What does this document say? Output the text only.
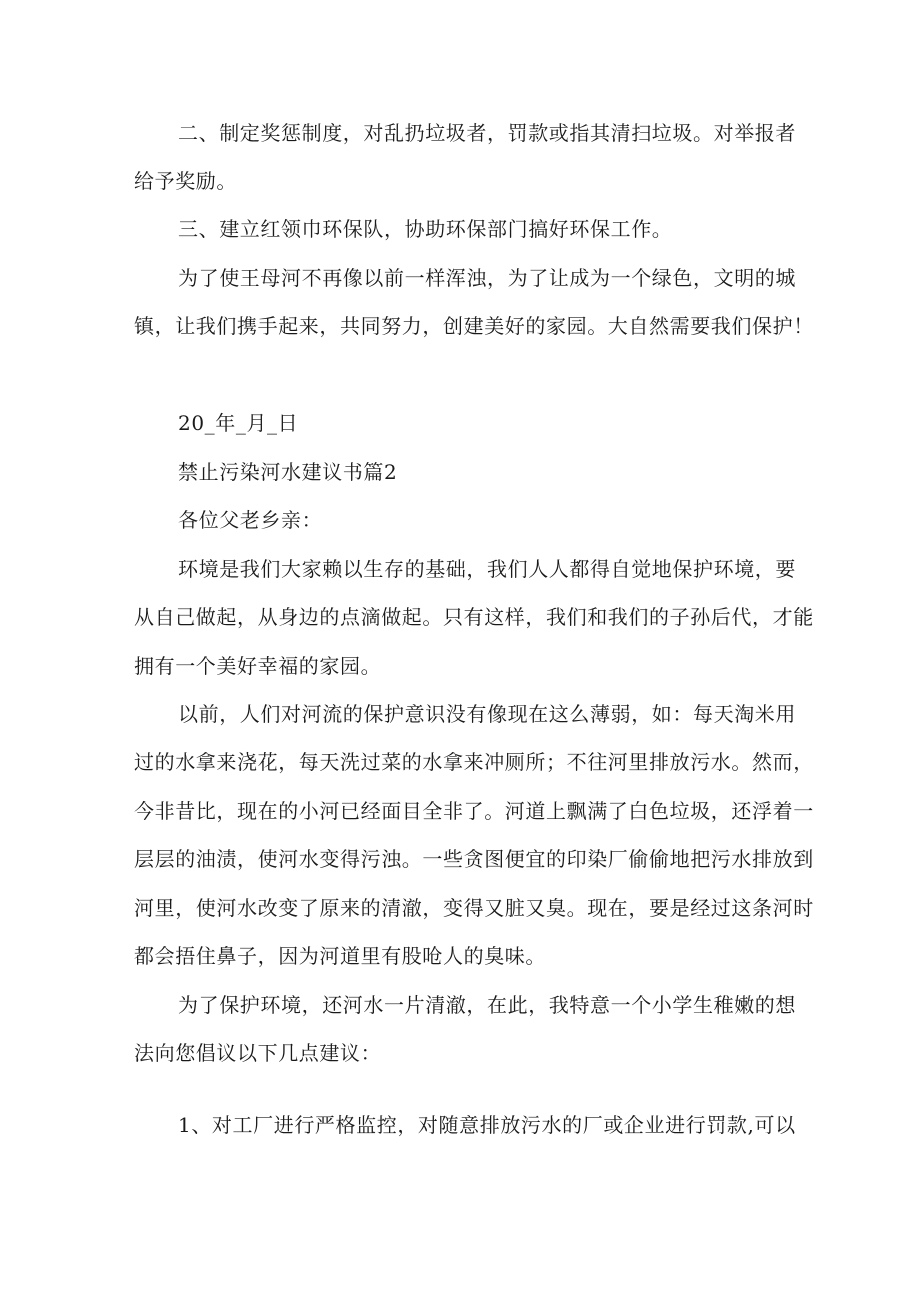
二、制定奖惩制度，对乱扔垃圾者，罚款或指其清扫垃圾。对举报者
给予奖励。
三、建立红领巾环保队，协助环保部门搞好环保工作。
为了使王母河不再像以前一样浑浊，为了让成为一个绿色，文明的城
镇，让我们携手起来，共同努力，创建美好的家园。大自然需要我们保护！
20_年_月_日
禁止污染河水建议书篇2
各位父老乡亲：
环境是我们大家赖以生存的基础，我们人人都得自觉地保护环境，要
从自己做起，从身边的点滴做起。只有这样，我们和我们的子孙后代，才能
拥有一个美好幸福的家园。
以前，人们对河流的保护意识没有像现在这么薄弱，如：每天淘米用
过的水拿来浇花，每天洗过菜的水拿来冲厕所；不往河里排放污水。然而，
今非昔比，现在的小河已经面目全非了。河道上飘满了白色垃圾，还浮着一
层层的油渍，使河水变得污浊。一些贪图便宜的印染厂偷偷地把污水排放到
河里，使河水改变了原来的清澈，变得又脏又臭。现在，要是经过这条河时
都会捂住鼻子，因为河道里有股呛人的臭味。
为了保护环境，还河水一片清澈，在此，我特意一个小学生稚嫩的想
法向您倡议以下几点建议：
1、对工厂进行严格监控，对随意排放污水的厂或企业进行罚款,可以
